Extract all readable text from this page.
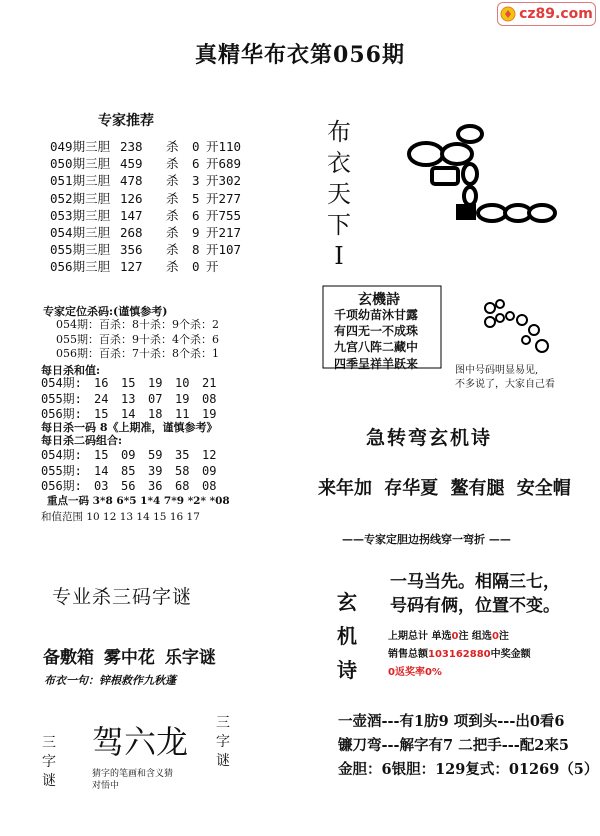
cz89.com
真精华布衣第056期
专家推荐
049期三胆 238 杀 0 开110
050期三胆 459 杀 6 开689
051期三胆 478 杀 3 开302
052期三胆 126 杀 5 开277
053期三胆 147 杀 6 开755
054期三胆 268 杀 9 开217
055期三胆 356 杀 8 开107
056期三胆 127 杀 0 开
专家定位杀码:(谨慎参考)
054期：百杀：8十杀：9个杀：2
055期：百杀：9十杀：4个杀：6
056期：百杀：7十杀：8个杀：1
每日杀和值:
054期: 16 15 19 10 21
055期: 24 13 07 19 08
056期: 15 14 18 11 19
每日杀一码 8《上期准，谨慎参考》
每日杀二码组合:
054期: 15 09 59 35 12
055期: 14 85 39 58 09
056期: 03 56 36 68 08
重点一码 3*8 6*5 1*4 7*9 *2* *08
和值范围 10 12 13 14 15 16 17
布
衣
天
下
I
玄機詩
千项幼苗沐甘露
有四无一不成珠
九宫八阵二藏中
四季呈祥羊跃来	图中号码明显易见,
不多说了，大家自己看
急转弯玄机诗
来年加 存华夏 鳌有腿 安全帽
——专家定胆边拐线穿一弯折 ——
玄
机
诗
一马当先。相隔三七，
号码有俩，位置不变。
上期总计 单选0注 组选0注
销售总额103162880中奖金额
0返奖率0%
一壶酒---有1肪9 项到头---出0看6
镰刀弯---解字有7 二把手---配2来5
金胆：6银胆：129复式：01269（5）
专业杀三码字谜
备敷箱 雾中花 乐字谜
布衣一句：锌根救作九秋蓬
驾六龙
猜字的笔画和含义猜
对悟中
三
字
谜
三
字
谜
